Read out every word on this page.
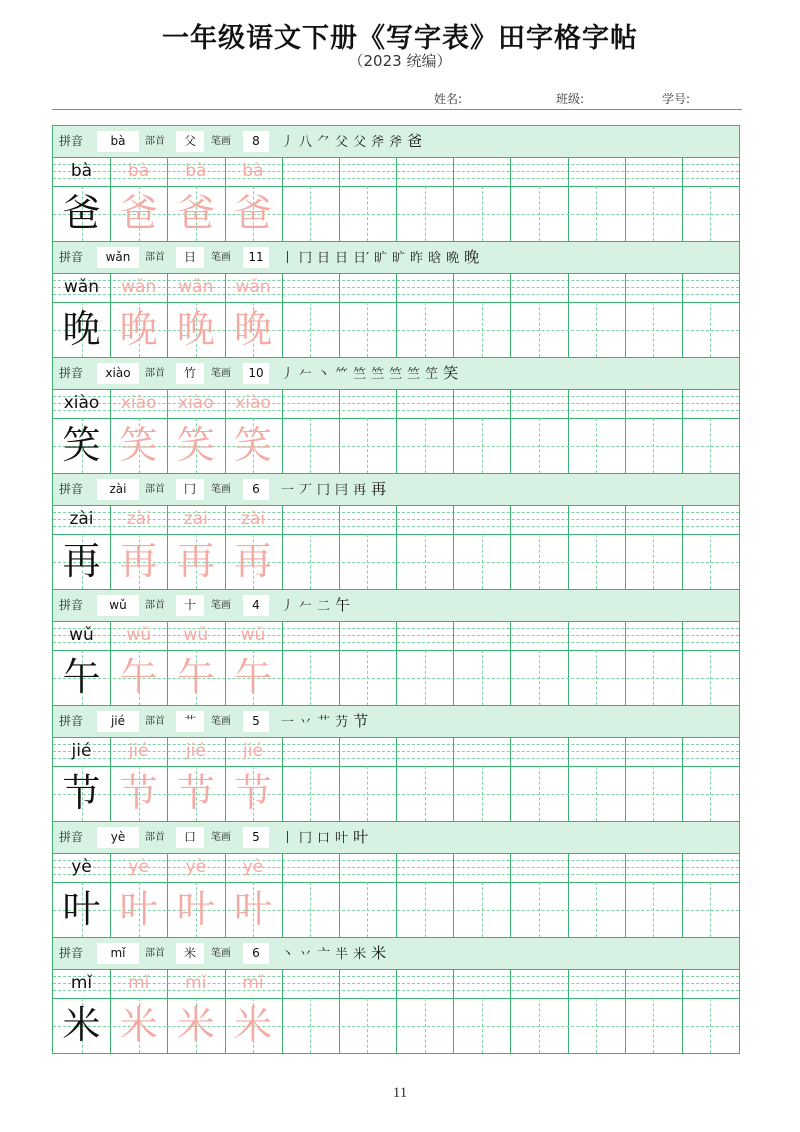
一年级语文下册《写字表》田字格字帖
（2023 统编）
姓名:	班级:	学号:
拼音	bà	部首	父	笔画	8	丿 八 ⺈ 父 ⽗ 斧 斧 爸
bà
爸
bà
爸
bà
爸
bà
爸
拼音	wǎn	部首	日	笔画	11	丨 冂 日 日 日′ 旷 旷 昨 晗 晩 晚
wǎn
晚
wǎn
晚
wǎn
晚
wǎn
晚
拼音	xiào	部首	竹	笔画	10	丿 𠂉 丶 ⺮ 竺 竺 竺 竺 笁 笑
xiào
笑
xiào
笑
xiào
笑
xiào
笑
拼音	zài	部首	冂	笔画	6	一 丆 冂 冃 再 再
zài
再
zài
再
zài
再
zài
再
拼音	wǔ	部首	十	笔画	4	丿 𠂉 二 午
wǔ
午
wǔ
午
wǔ
午
wǔ
午
拼音	jié	部首	艹	笔画	5	一 丷 艹 芀 节
jié
节
jié
节
jié
节
jié
节
拼音	yè	部首	口	笔画	5	丨 冂 口 叶 叶
yè
叶
yè
叶
yè
叶
yè
叶
拼音	mǐ	部首	米	笔画	6	丶 丷 亠 半 米 米
mǐ
米
mǐ
米
mǐ
米
mǐ
米
11
